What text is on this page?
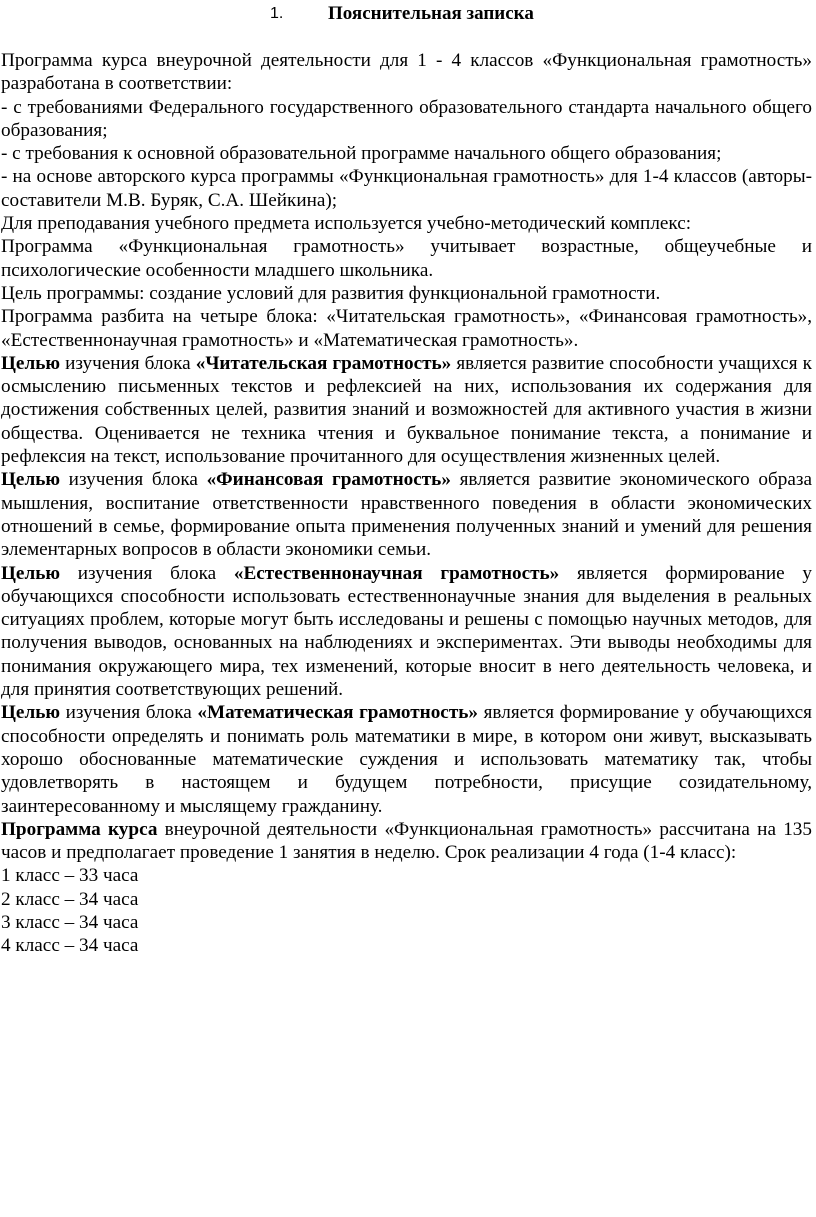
1. Пояснительная записка

Программа курса внеурочной деятельности для 1 - 4 классов «Функциональная грамотность» разработана в соответствии:

- с требованиями Федерального государственного образовательного стандарта начального общего образования;

- с требования к основной образовательной программе начального общего образования;

- на основе авторского курса программы «Функциональная грамотность» для 1-4 классов (авторы-составители М.В. Буряк, С.А. Шейкина);

Для преподавания учебного предмета используется учебно-методический комплекс:

Программа «Функциональная грамотность» учитывает возрастные, общеучебные и психологические особенности младшего школьника.

Цель программы: создание условий для развития функциональной грамотности.

Программа разбита на четыре блока: «Читательская грамотность», «Финансовая грамотность», «Естественнонаучная грамотность» и «Математическая грамотность».

Целью изучения блока «Читательская грамотность» является развитие способности учащихся к осмыслению письменных текстов и рефлексией на них, использования их содержания для достижения собственных целей, развития знаний и возможностей для активного участия в жизни общества. Оценивается не техника чтения и буквальное понимание текста, а понимание и рефлексия на текст, использование прочитанного для осуществления жизненных целей.

Целью изучения блока «Финансовая грамотность» является развитие экономического образа мышления, воспитание ответственности нравственного поведения в области экономических отношений в семье, формирование опыта применения полученных знаний и умений для решения элементарных вопросов в области экономики семьи.

Целью изучения блока «Естественнонаучная грамотность» является формирование у обучающихся способности использовать естественнонаучные знания для выделения в реальных ситуациях проблем, которые могут быть исследованы и решены с помощью научных методов, для получения выводов, основанных на наблюдениях и экспериментах. Эти выводы необходимы для понимания окружающего мира, тех изменений, которые вносит в него деятельность человека, и для принятия соответствующих решений.

Целью изучения блока «Математическая грамотность» является формирование у обучающихся способности определять и понимать роль математики в мире, в котором они живут, высказывать хорошо обоснованные математические суждения и использовать математику так, чтобы удовлетворять в настоящем и будущем потребности, присущие созидательному, заинтересованному и мыслящему гражданину.

Программа курса внеурочной деятельности «Функциональная грамотность» рассчитана на 135 часов и предполагает проведение 1 занятия в неделю. Срок реализации 4 года (1-4 класс):

1 класс – 33 часа

2 класс – 34 часа

3 класс – 34 часа

4 класс – 34 часа
